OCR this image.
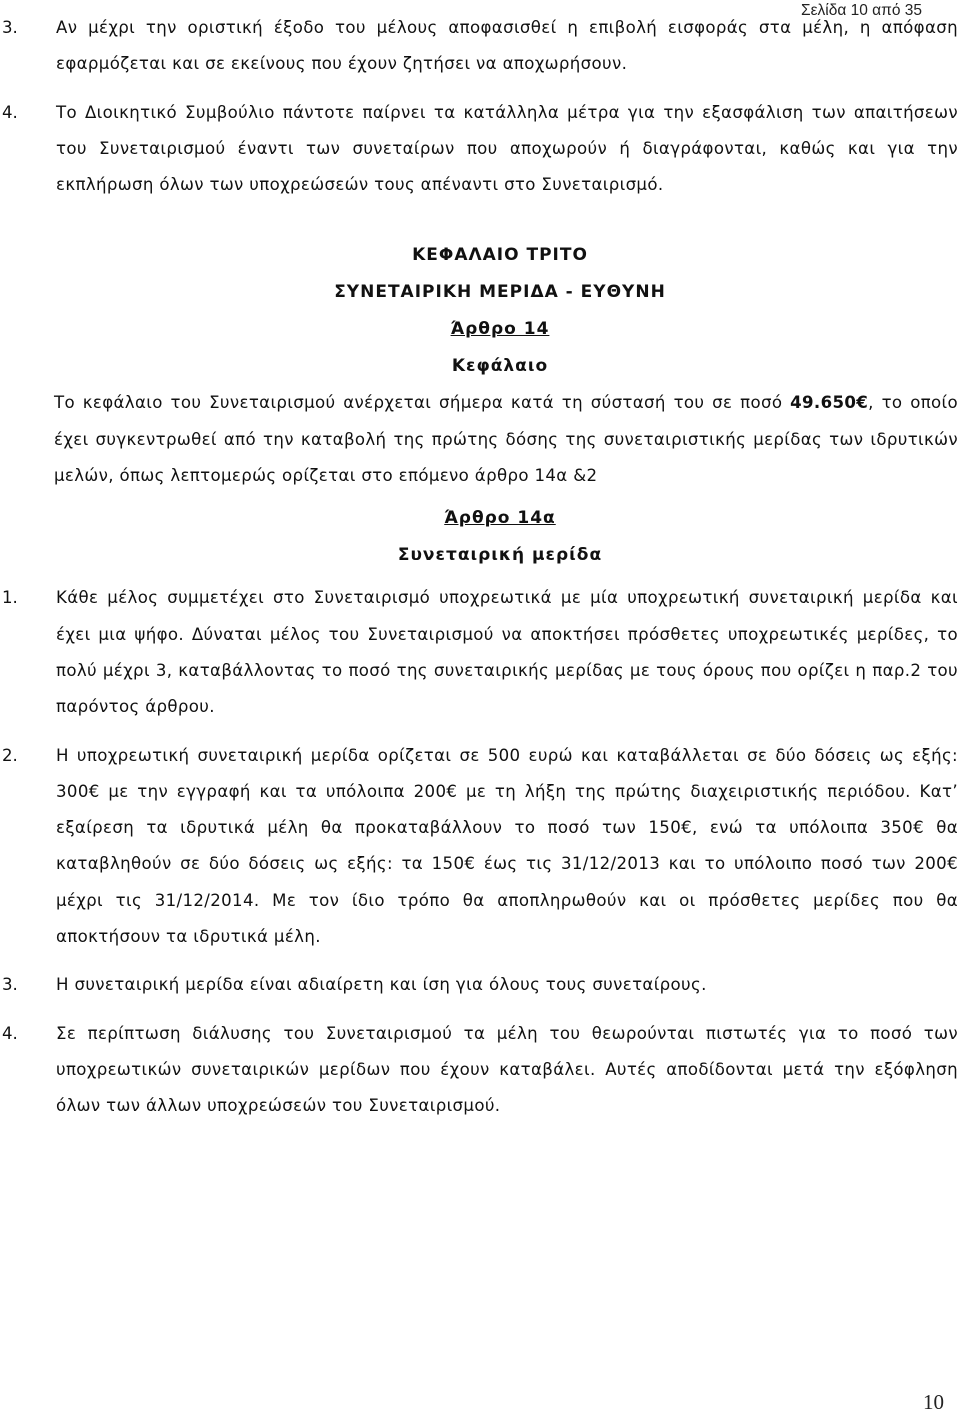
Σελίδα 10 από 35
3.	Αν μέχρι την οριστική έξοδο του μέλους αποφασισθεί η επιβολή εισφοράς στα μέλη, η απόφαση εφαρμόζεται και σε εκείνους που έχουν ζητήσει να αποχωρήσουν.
4.	Το Διοικητικό Συμβούλιο πάντοτε παίρνει τα κατάλληλα μέτρα για την εξασφάλιση των απαιτήσεων του Συνεταιρισμού έναντι των συνεταίρων που αποχωρούν ή διαγράφονται, καθώς και για την εκπλήρωση όλων των υποχρεώσεών τους απέναντι στο Συνεταιρισμό.
ΚΕΦΑΛΑΙΟ ΤΡΙΤΟ
ΣΥΝΕΤΑΙΡΙΚΗ ΜΕΡΙΔΑ - ΕΥΘΥΝΗ
Άρθρο 14
Κεφάλαιο
Το κεφάλαιο του Συνεταιρισμού ανέρχεται σήμερα κατά τη σύστασή του σε ποσό 49.650€, το οποίο έχει συγκεντρωθεί από την καταβολή της πρώτης δόσης της συνεταιριστικής μερίδας των ιδρυτικών μελών, όπως λεπτομερώς ορίζεται στο επόμενο άρθρο 14α &2
Άρθρο 14α
Συνεταιρική μερίδα
1.	Κάθε μέλος συμμετέχει στο Συνεταιρισμό υποχρεωτικά με μία υποχρεωτική συνεταιρική μερίδα και έχει μια ψήφο. Δύναται μέλος του Συνεταιρισμού να αποκτήσει πρόσθετες υποχρεωτικές μερίδες, το πολύ μέχρι 3, καταβάλλοντας το ποσό της συνεταιρικής μερίδας με τους όρους που ορίζει η παρ.2 του παρόντος άρθρου.
2.	Η υποχρεωτική συνεταιρική μερίδα ορίζεται σε 500 ευρώ και καταβάλλεται σε δύο δόσεις ως εξής: 300€ με την εγγραφή και τα υπόλοιπα 200€ με τη λήξη της πρώτης διαχειριστικής περιόδου. Κατ’ εξαίρεση τα ιδρυτικά μέλη θα προκαταβάλλουν το ποσό των 150€, ενώ τα υπόλοιπα 350€ θα καταβληθούν σε δύο δόσεις ως εξής: τα 150€ έως τις 31/12/2013 και το υπόλοιπο ποσό των 200€ μέχρι τις 31/12/2014. Με τον ίδιο τρόπο θα αποπληρωθούν και οι πρόσθετες μερίδες που θα αποκτήσουν τα ιδρυτικά μέλη.
3.	Η συνεταιρική μερίδα είναι αδιαίρετη και ίση για όλους τους συνεταίρους.
4.	Σε περίπτωση διάλυσης του Συνεταιρισμού τα μέλη του θεωρούνται πιστωτές για το ποσό των υποχρεωτικών συνεταιρικών μερίδων που έχουν καταβάλει. Αυτές αποδίδονται μετά την εξόφληση όλων των άλλων υποχρεώσεών του Συνεταιρισμού.
10
